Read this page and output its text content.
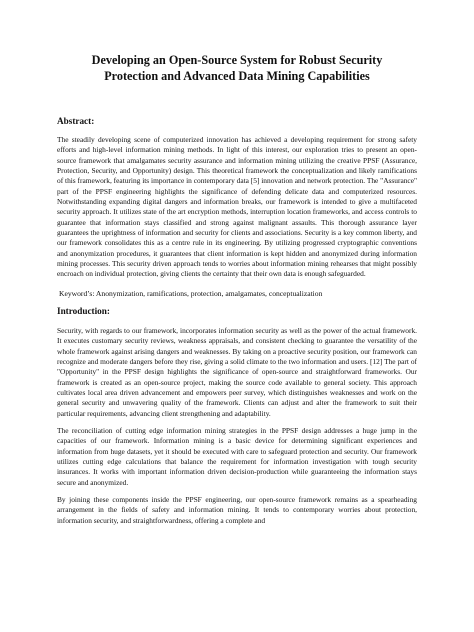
Developing an Open-Source System for Robust Security
Protection and Advanced Data Mining Capabilities
Abstract:

The steadily developing scene of computerized innovation has achieved a developing requirement for strong safety efforts and high-level information mining methods. In light of this interest, our exploration tries to present an open-source framework that amalgamates security assurance and information mining utilizing the creative PPSF (Assurance, Protection, Security, and Opportunity) design. This theoretical framework the conceptualization and likely ramifications of this framework, featuring its importance in contemporary data [5] innovation and network protection. The "Assurance" part of the PPSF engineering highlights the significance of defending delicate data and computerized resources. Notwithstanding expanding digital dangers and information breaks, our framework is intended to give a multifaceted security approach. It utilizes state of the art encryption methods, interruption location frameworks, and access controls to guarantee that information stays classified and strong against malignant assaults. This thorough assurance layer guarantees the uprightness of information and security for clients and associations. Security is a key common liberty, and our framework consolidates this as a centre rule in its engineering. By utilizing progressed cryptographic conventions and anonymization procedures, it guarantees that client information is kept hidden and anonymized during information mining processes. This security driven approach tends to worries about information mining rehearses that might possibly encroach on individual protection, giving clients the certainty that their own data is enough safeguarded.

Keyword’s: Anonymization, ramifications, protection, amalgamates, conceptualization
Introduction:

Security, with regards to our framework, incorporates information security as well as the power of the actual framework. It executes customary security reviews, weakness appraisals, and consistent checking to guarantee the versatility of the whole framework against arising dangers and weaknesses. By taking on a proactive security position, our framework can recognize and moderate dangers before they rise, giving a solid climate to the two information and users. [12] The part of "Opportunity" in the PPSF design highlights the significance of open-source and straightforward frameworks. Our framework is created as an open-source project, making the source code available to general society. This approach cultivates local area driven advancement and empowers peer survey, which distinguishes weaknesses and work on the general security and unwavering quality of the framework. Clients can adjust and alter the framework to suit their particular requirements, advancing client strengthening and adaptability.

The reconciliation of cutting edge information mining strategies in the PPSF design addresses a huge jump in the capacities of our framework. Information mining is a basic device for determining significant experiences and information from huge datasets, yet it should be executed with care to safeguard protection and security. Our framework utilizes cutting edge calculations that balance the requirement for information investigation with tough security insurances. It works with important information driven decision-production while guaranteeing the information stays secure and anonymized.

By joining these components inside the PPSF engineering, our open-source framework remains as a spearheading arrangement in the fields of safety and information mining. It tends to contemporary worries about protection, information security, and straightforwardness, offering a complete and
